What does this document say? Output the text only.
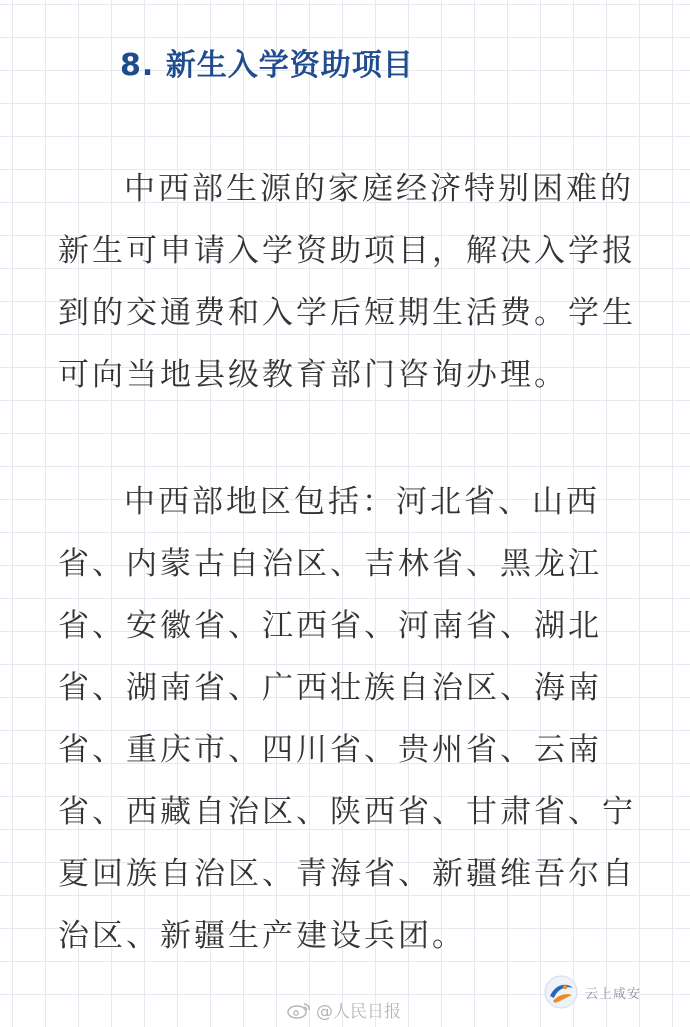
8. 新生入学资助项目

中西部生源的家庭经济特别困难的新生可申请入学资助项目，解决入学报到的交通费和入学后短期生活费。学生可向当地县级教育部门咨询办理。

中西部地区包括：河北省、山西省、内蒙古自治区、吉林省、黑龙江省、安徽省、江西省、河南省、湖北省、湖南省、广西壮族自治区、海南省、重庆市、四川省、贵州省、云南省、西藏自治区、陕西省、甘肃省、宁夏回族自治区、青海省、新疆维吾尔自治区、新疆生产建设兵团。

云上咸安
@人民日报
